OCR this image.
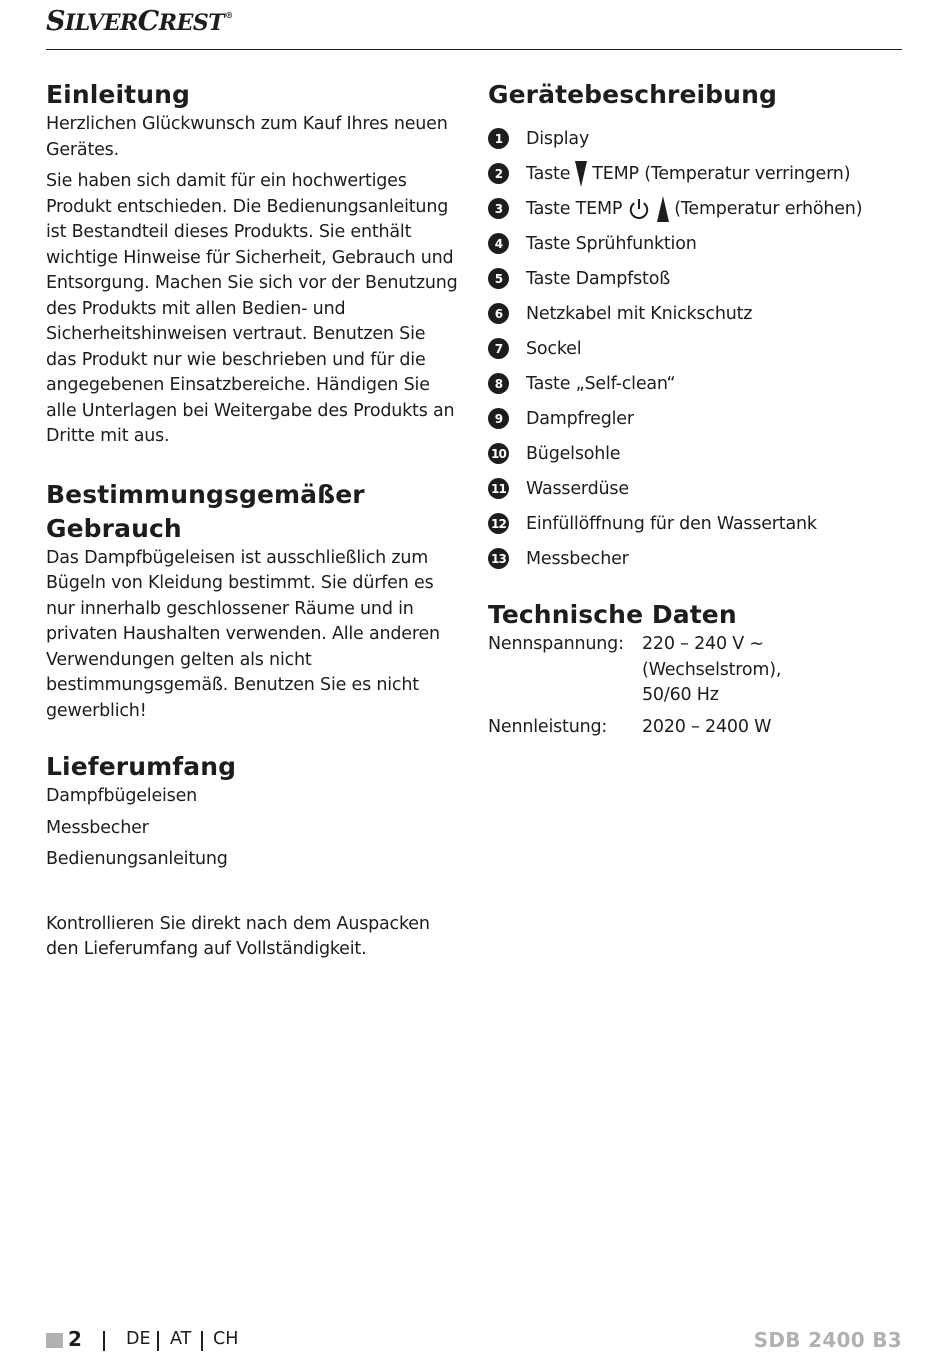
SILVERCREST®
Einleitung

Herzlichen Glückwunsch zum Kauf Ihres neuen Gerätes.

Sie haben sich damit für ein hochwertiges Produkt entschieden. Die Bedienungsanleitung ist Bestandteil dieses Produkts. Sie enthält wichtige Hinweise für Sicherheit, Gebrauch und Entsorgung. Machen Sie sich vor der Benutzung des Produkts mit allen Bedien- und Sicherheitshinweisen vertraut. Benutzen Sie das Produkt nur wie beschrieben und für die angegebenen Einsatzbereiche. Händigen Sie alle Unterlagen bei Weitergabe des Produkts an Dritte mit aus.

Bestimmungsgemäßer
Gebrauch

Das Dampfbügeleisen ist ausschließlich zum Bügeln von Kleidung bestimmt. Sie dürfen es nur innerhalb geschlossener Räume und in privaten Haushalten verwenden. Alle anderen Verwendungen gelten als nicht bestimmungsgemäß. Benutzen Sie es nicht gewerblich!

Lieferumfang

Dampfbügeleisen

Messbecher

Bedienungsanleitung

Kontrollieren Sie direkt nach dem Auspacken den Lieferumfang auf Vollständigkeit.

Gerätebeschreibung
1	Display
2	Taste TEMP (Temperatur verringern)
3	Taste TEMP	(Temperatur erhöhen)
4	Taste Sprühfunktion
5	Taste Dampfstoß
6	Netzkabel mit Knickschutz
7	Sockel
8	Taste „Self-clean“
9	Dampfregler
10 Bügelsohle
11 Wasserdüse
12 Einfüllöffnung für den Wassertank
13 Messbecher
Technische Daten
Nennspannung:	220 – 240 V ∼ (Wechselstrom),
50/60 Hz
Nennleistung:	2020 – 2400 W
2	DE AT CH	SDB 2400 B3
